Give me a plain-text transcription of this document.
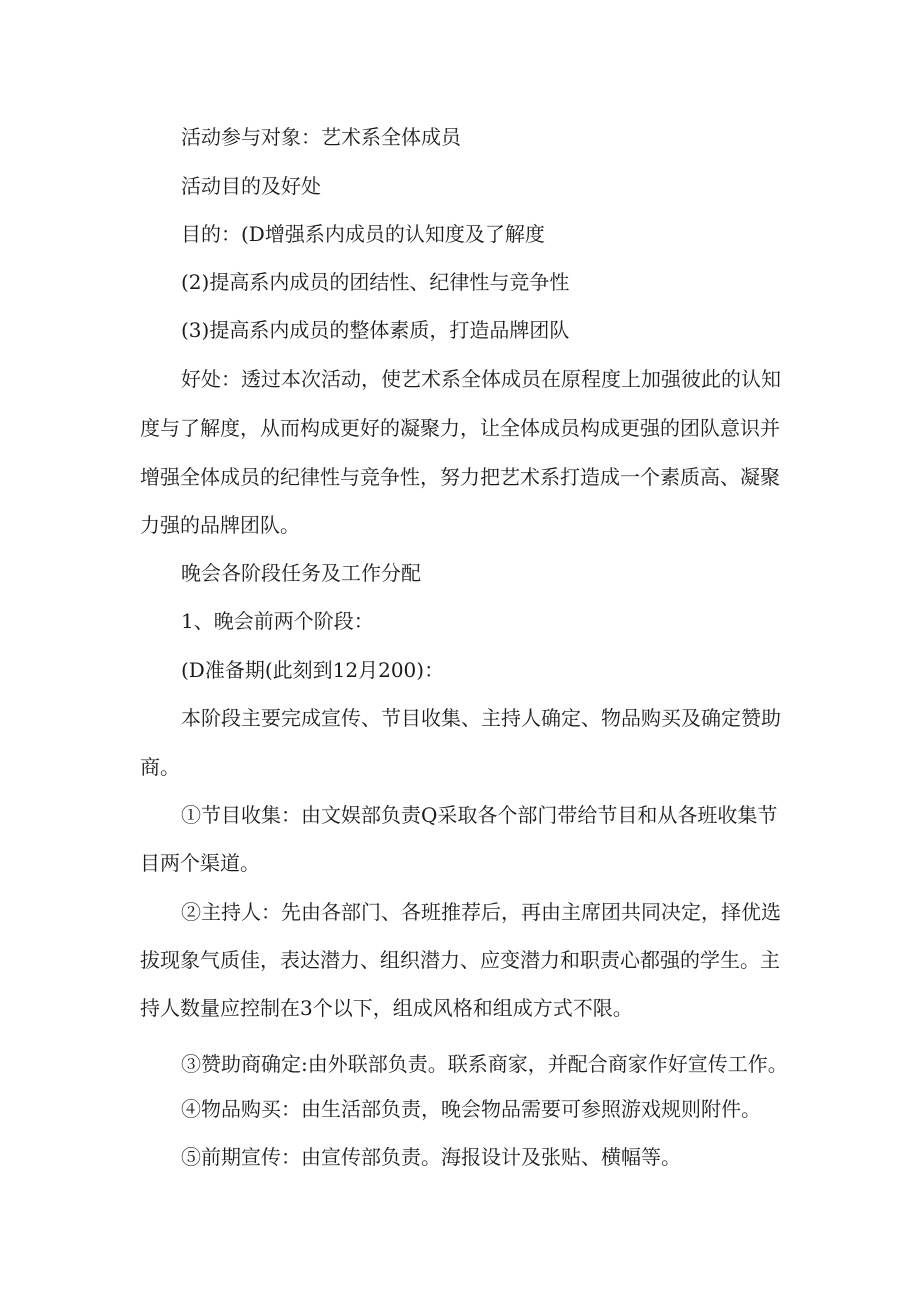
活动参与对象：艺术系全体成员
活动目的及好处
目的：(D增强系内成员的认知度及了解度
(2)提高系内成员的团结性、纪律性与竞争性
(3)提高系内成员的整体素质，打造品牌团队
好处：透过本次活动，使艺术系全体成员在原程度上加强彼此的认知
度与了解度，从而构成更好的凝聚力，让全体成员构成更强的团队意识并
增强全体成员的纪律性与竞争性，努力把艺术系打造成一个素质高、凝聚
力强的品牌团队。
晚会各阶段任务及工作分配
1、晚会前两个阶段：
(D准备期(此刻到12月200)：
本阶段主要完成宣传、节目收集、主持人确定、物品购买及确定赞助
商。
①节目收集：由文娱部负责Q采取各个部门带给节目和从各班收集节
目两个渠道。
②主持人：先由各部门、各班推荐后，再由主席团共同决定，择优选
拔现象气质佳，表达潜力、组织潜力、应变潜力和职责心都强的学生。主
持人数量应控制在3个以下，组成风格和组成方式不限。
③赞助商确定:由外联部负责。联系商家，并配合商家作好宣传工作。
④物品购买：由生活部负责，晚会物品需要可参照游戏规则附件。
⑤前期宣传：由宣传部负责。海报设计及张贴、横幅等。
